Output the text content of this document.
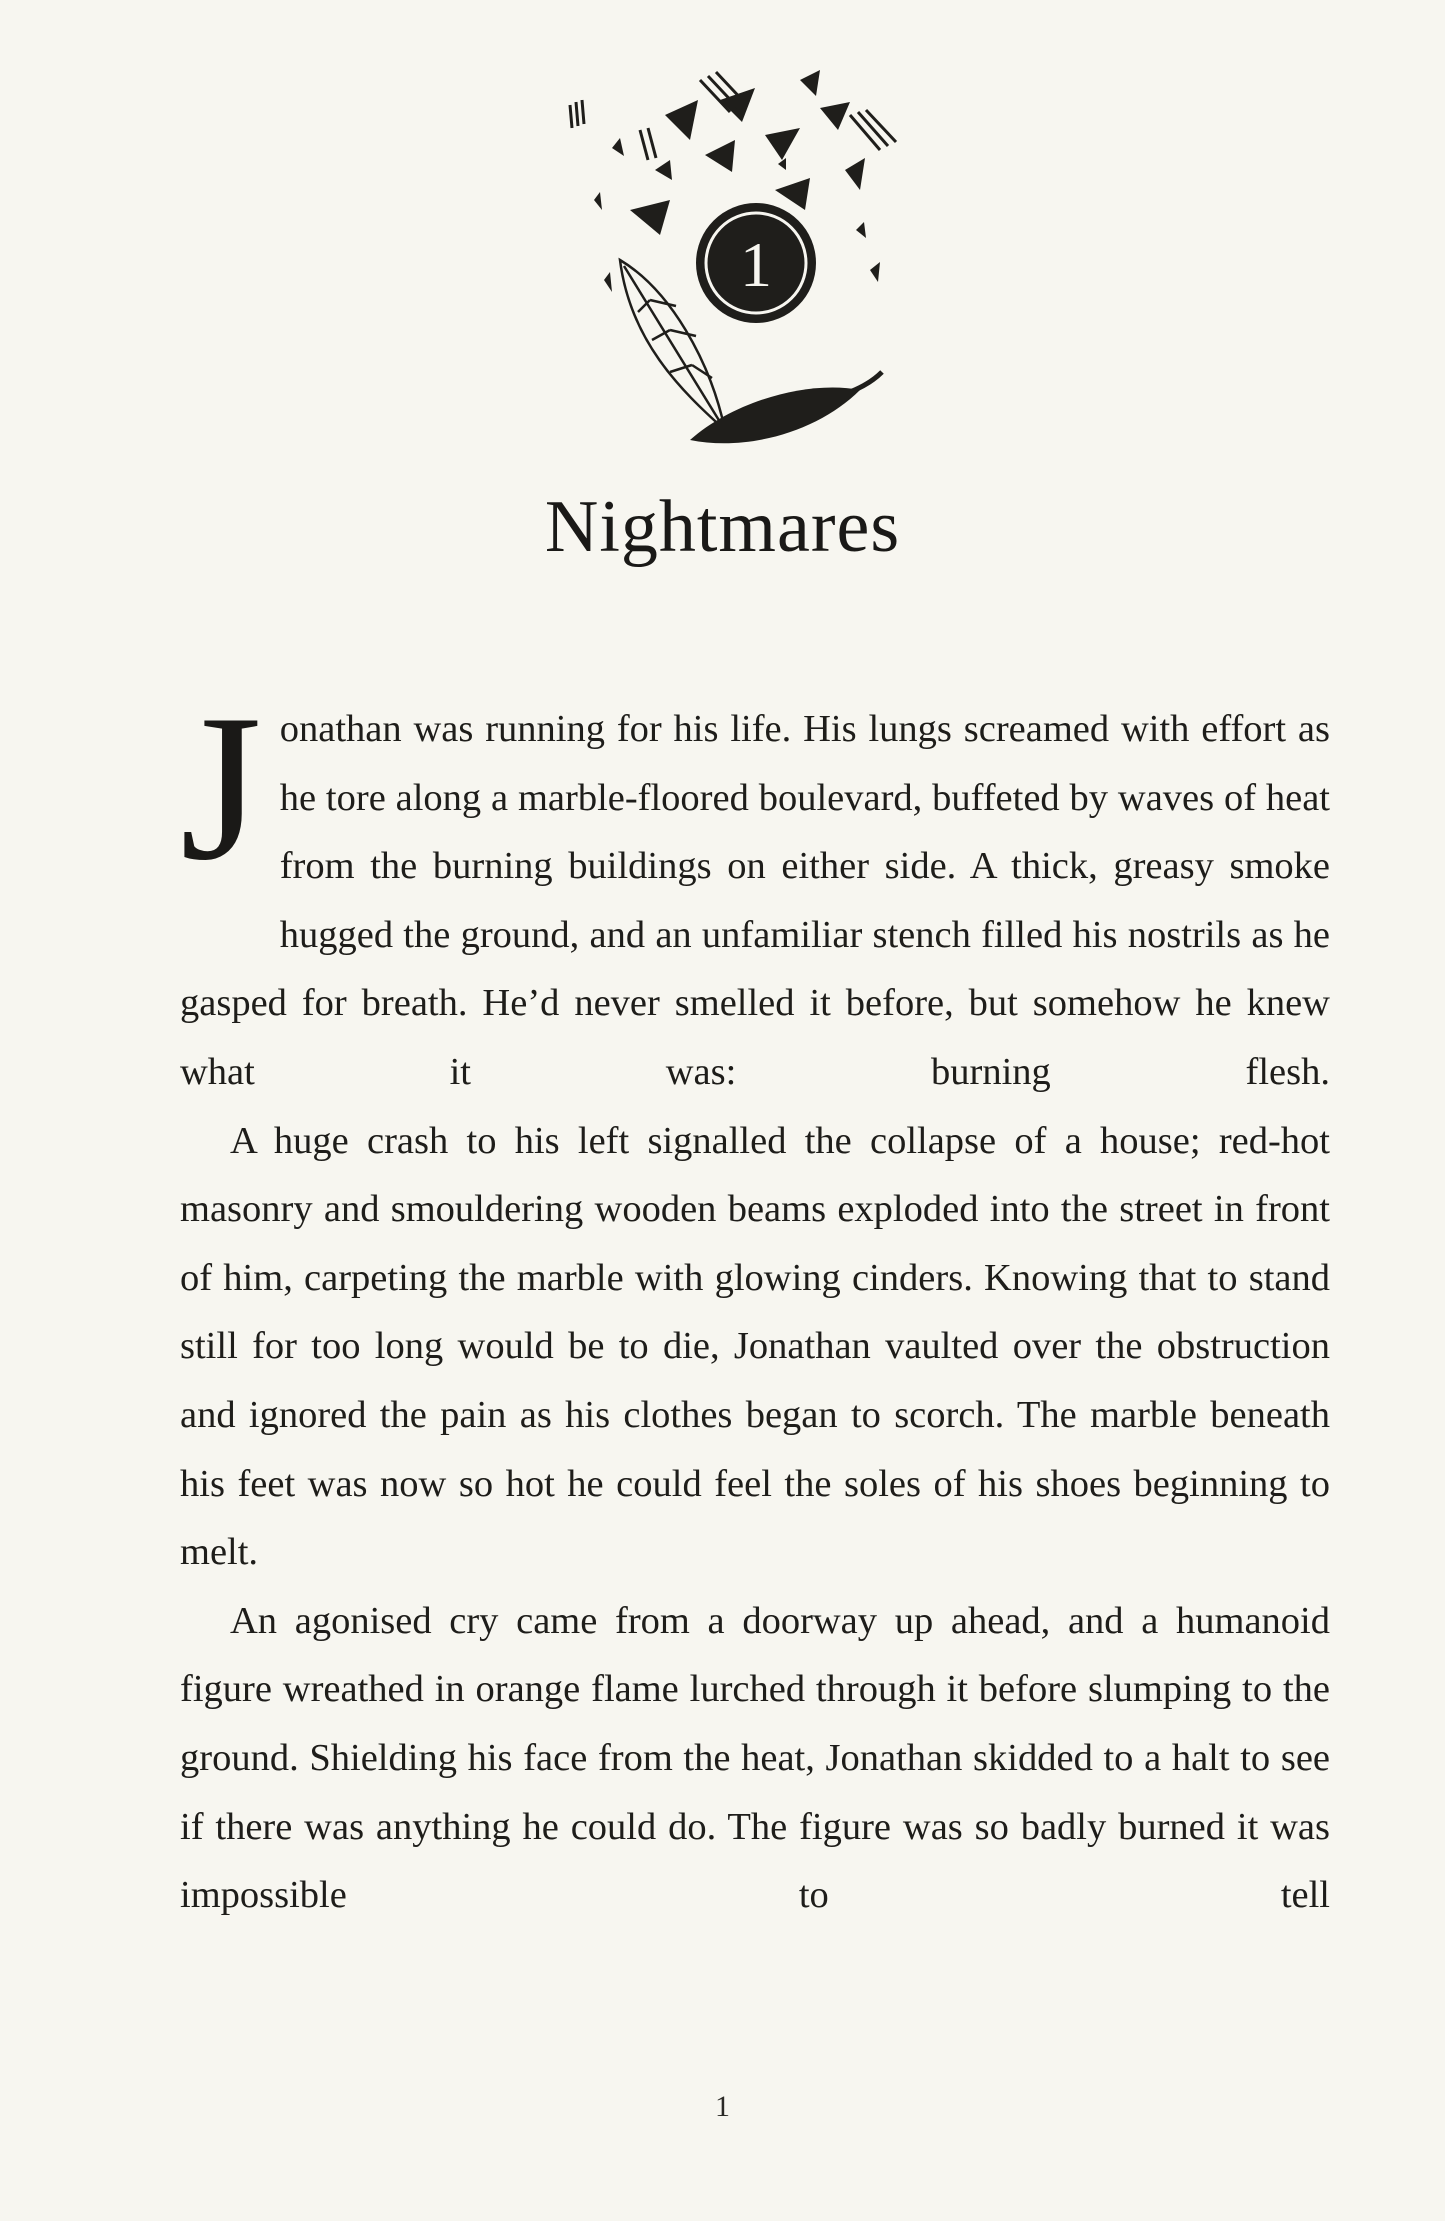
1
Nightmares

Jonathan was running for his life. His lungs screamed with effort as he tore along a marble-floored boulevard, buffeted by waves of heat from the burning buildings on either side. A thick, greasy smoke hugged the ground, and an unfamiliar stench filled his nostrils as he gasped for breath. He’d never smelled it before, but somehow he knew what it was: burning flesh.

A huge crash to his left signalled the collapse of a house; red-hot masonry and smouldering wooden beams exploded into the street in front of him, carpeting the marble with glowing cinders. Knowing that to stand still for too long would be to die, Jonathan vaulted over the obstruction and ignored the pain as his clothes began to scorch. The marble beneath his feet was now so hot he could feel the soles of his shoes beginning to melt.

An agonised cry came from a doorway up ahead, and a humanoid figure wreathed in orange flame lurched through it before slumping to the ground. Shielding his face from the heat, Jonathan skidded to a halt to see if there was anything he could do. The figure was so badly burned it was impossible to tell

1
